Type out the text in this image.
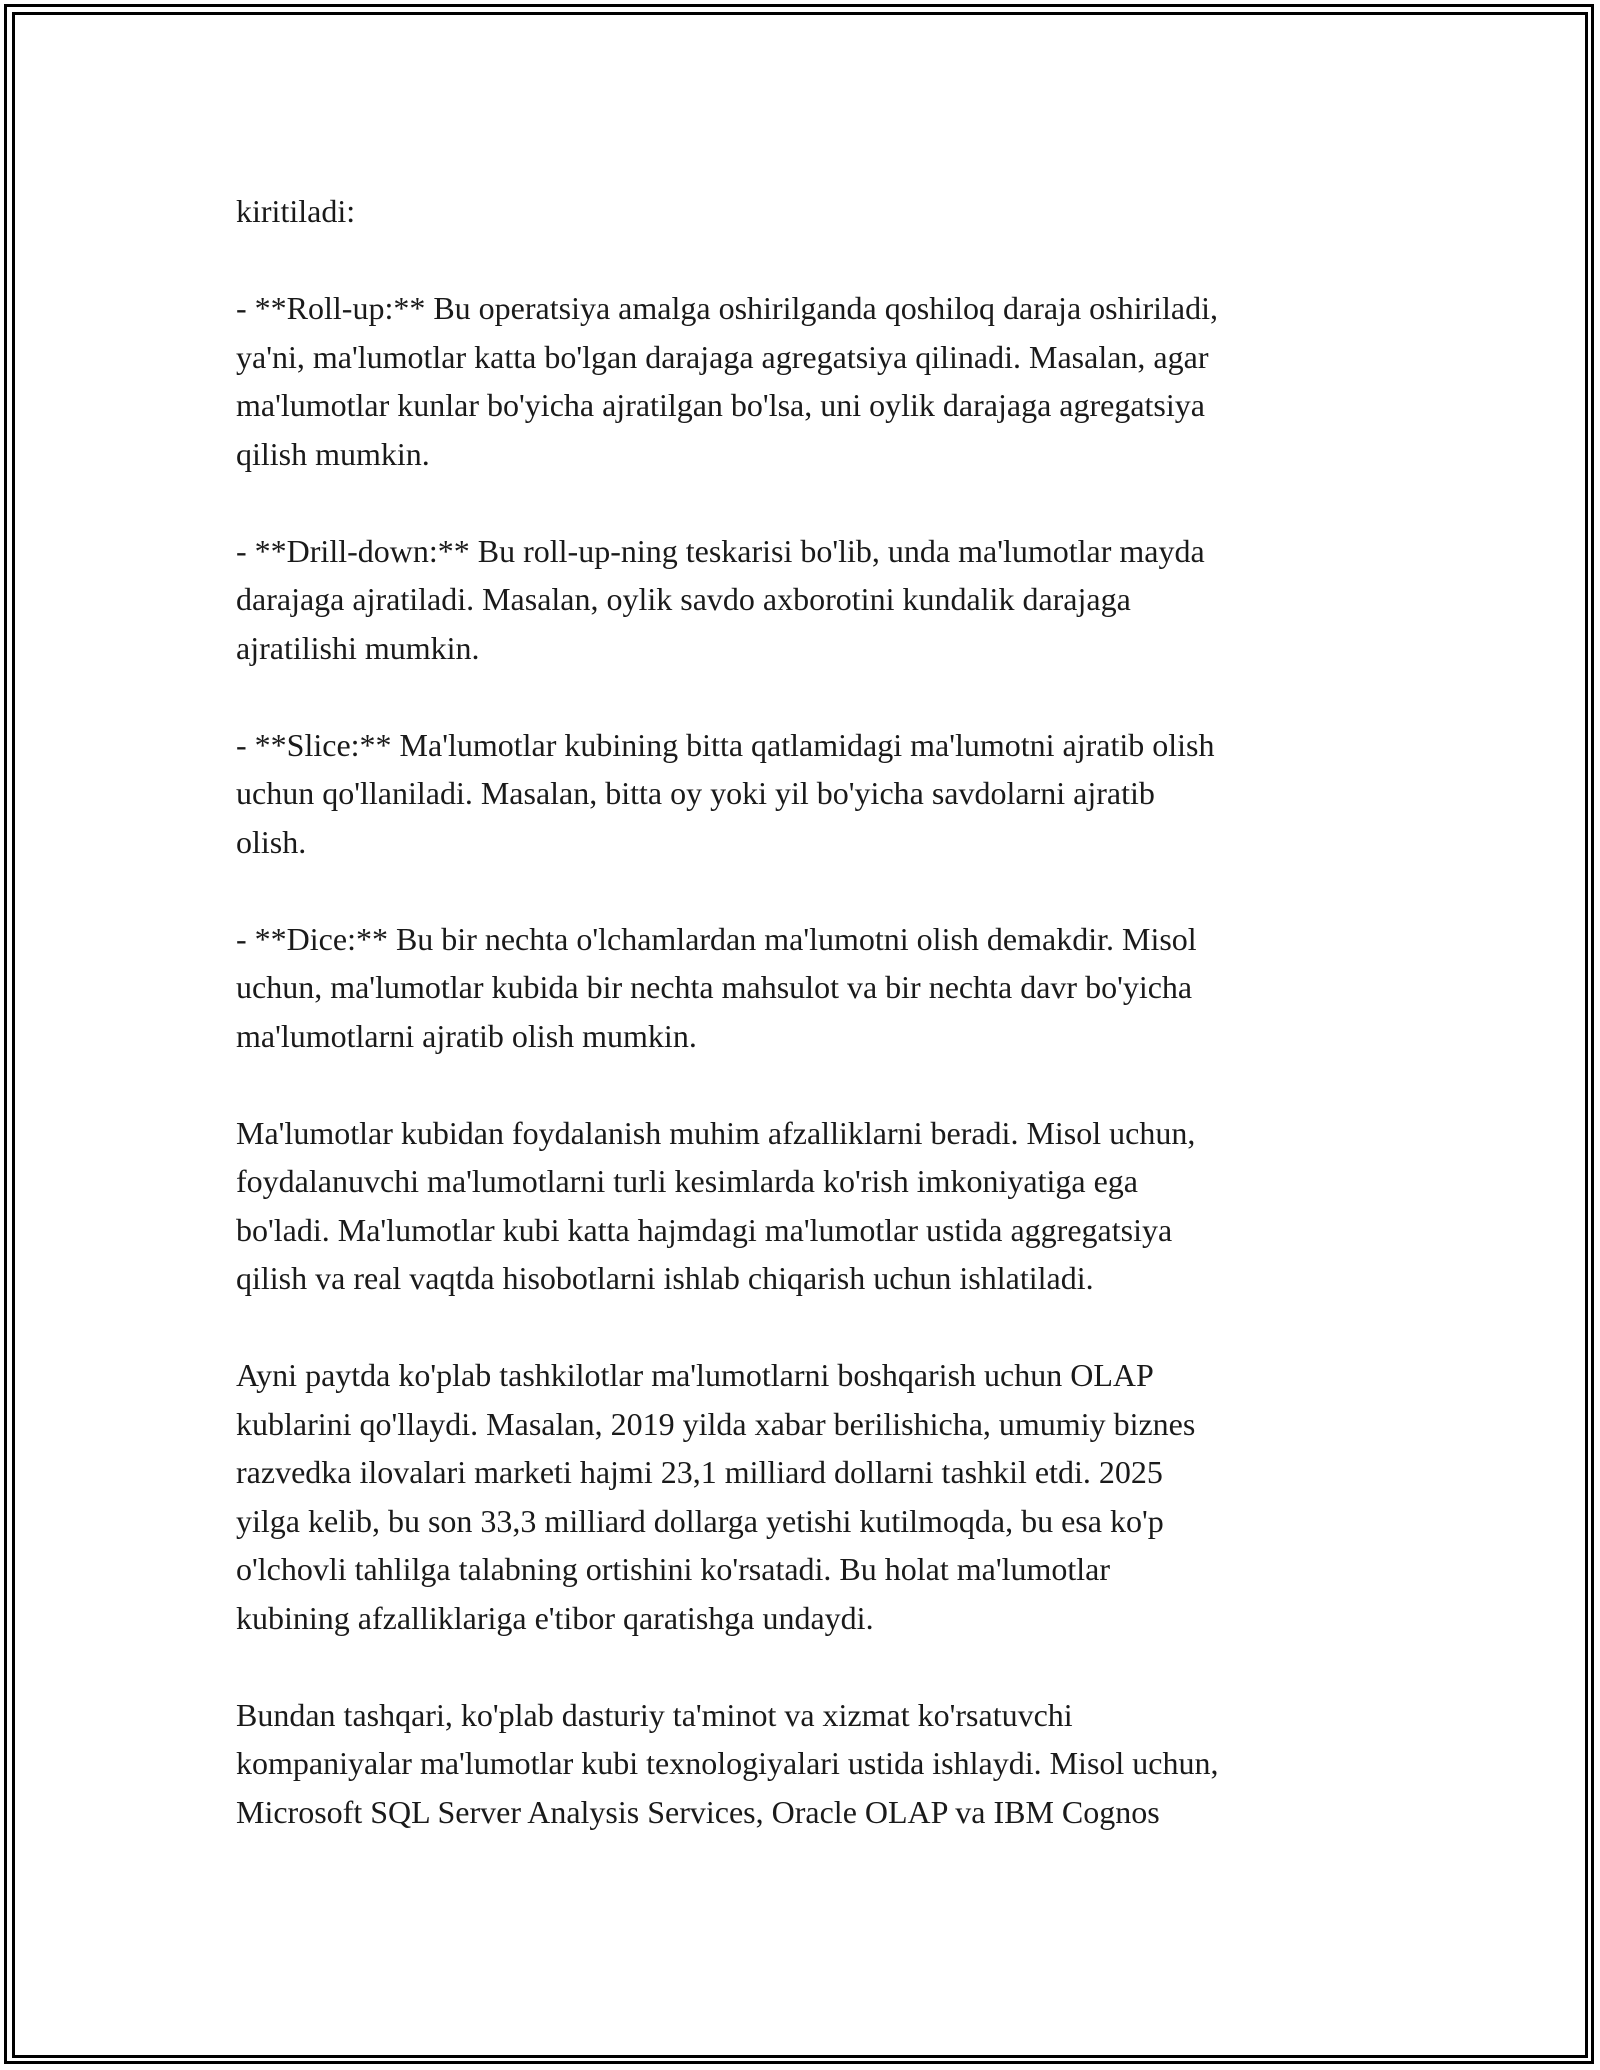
kiritiladi:
- **Roll-up:** Bu operatsiya amalga oshirilganda qoshiloq daraja oshiriladi,
ya'ni, ma'lumotlar katta bo'lgan darajaga agregatsiya qilinadi. Masalan, agar
ma'lumotlar kunlar bo'yicha ajratilgan bo'lsa, uni oylik darajaga agregatsiya
qilish mumkin.
- **Drill-down:** Bu roll-up-ning teskarisi bo'lib, unda ma'lumotlar mayda
darajaga ajratiladi. Masalan, oylik savdo axborotini kundalik darajaga
ajratilishi mumkin.
- **Slice:** Ma'lumotlar kubining bitta qatlamidagi ma'lumotni ajratib olish
uchun qo'llaniladi. Masalan, bitta oy yoki yil bo'yicha savdolarni ajratib
olish.
- **Dice:** Bu bir nechta o'lchamlardan ma'lumotni olish demakdir. Misol
uchun, ma'lumotlar kubida bir nechta mahsulot va bir nechta davr bo'yicha
ma'lumotlarni ajratib olish mumkin.
Ma'lumotlar kubidan foydalanish muhim afzalliklarni beradi. Misol uchun,
foydalanuvchi ma'lumotlarni turli kesimlarda ko'rish imkoniyatiga ega
bo'ladi. Ma'lumotlar kubi katta hajmdagi ma'lumotlar ustida aggregatsiya
qilish va real vaqtda hisobotlarni ishlab chiqarish uchun ishlatiladi.
Ayni paytda ko'plab tashkilotlar ma'lumotlarni boshqarish uchun OLAP
kublarini qo'llaydi. Masalan, 2019 yilda xabar berilishicha, umumiy biznes
razvedka ilovalari marketi hajmi 23,1 milliard dollarni tashkil etdi. 2025
yilga kelib, bu son 33,3 milliard dollarga yetishi kutilmoqda, bu esa ko'p
o'lchovli tahlilga talabning ortishini ko'rsatadi. Bu holat ma'lumotlar
kubining afzalliklariga e'tibor qaratishga undaydi.
Bundan tashqari, ko'plab dasturiy ta'minot va xizmat ko'rsatuvchi
kompaniyalar ma'lumotlar kubi texnologiyalari ustida ishlaydi. Misol uchun,
Microsoft SQL Server Analysis Services, Oracle OLAP va IBM Cognos
